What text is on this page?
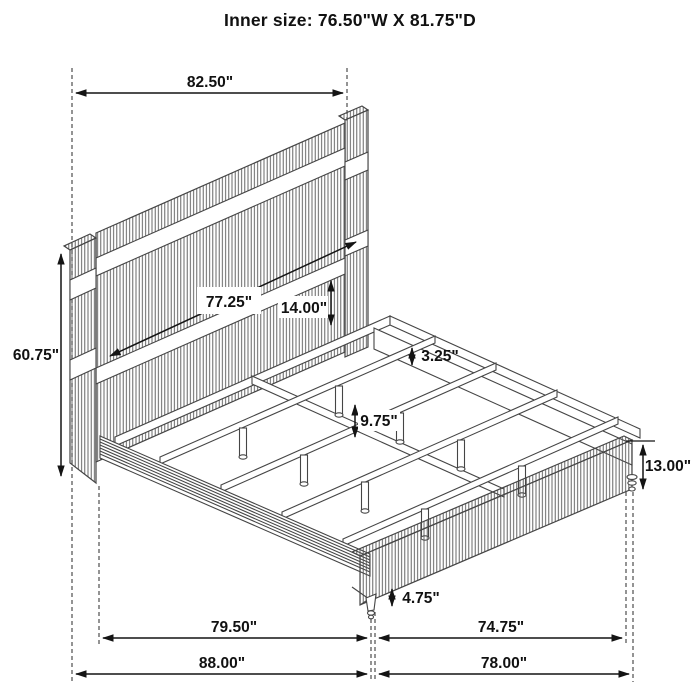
Inner size: 76.50"W X 81.75"D
82.50"
60.75"
77.25" 14.00"
3.25"
9.75"
13.00"
4.75"
79.50"	74.75"
88.00"	78.00"
